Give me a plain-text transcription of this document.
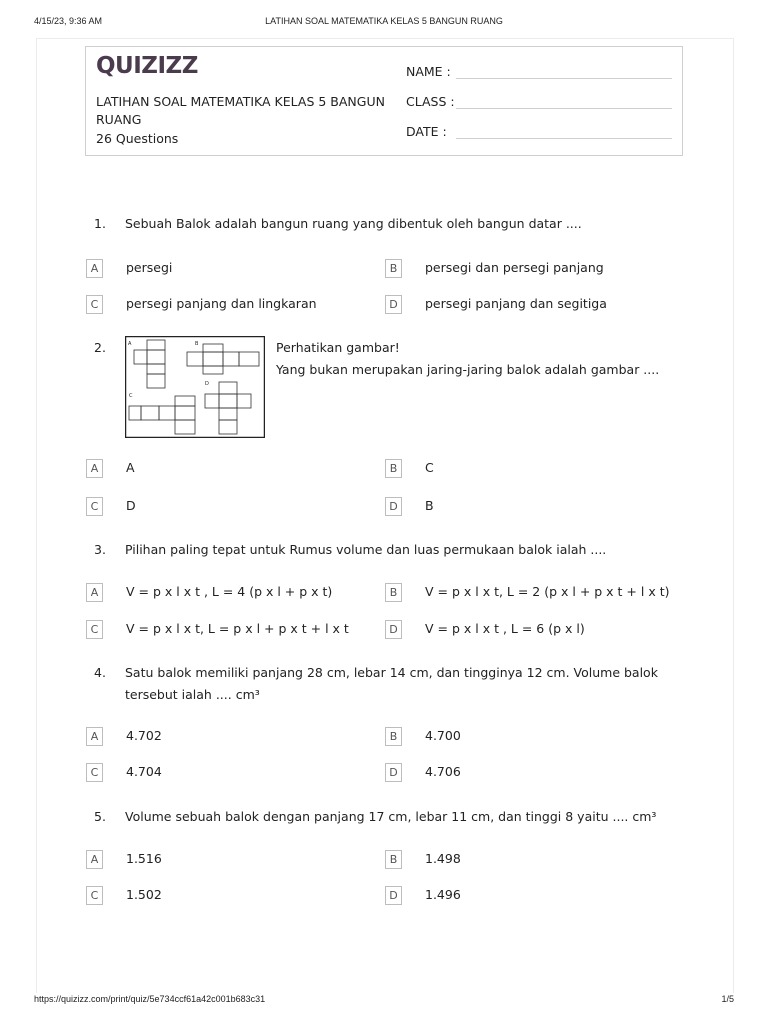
4/15/23, 9:36 AM	LATIHAN SOAL MATEMATIKA KELAS 5 BANGUN RUANG
QUIZIZZ
LATIHAN SOAL MATEMATIKA KELAS 5 BANGUN RUANG
26 Questions
NAME :
CLASS :
DATE :
1. Sebuah Balok adalah bangun ruang yang dibentuk oleh bangun datar ....
A	persegi	B	persegi dan persegi panjang
C	persegi panjang dan lingkaran	D	persegi panjang dan segitiga
2.	A	B
C
D
Perhatikan gambar!
Yang bukan merupakan jaring-jaring balok adalah gambar ....
A	A	B	C
C	D	D	B
3. Pilihan paling tepat untuk Rumus volume dan luas permukaan balok ialah ....
A	V = p x l x t , L = 4 (p x l + p x t)	B	V = p x l x t, L = 2 (p x l + p x t + l x t)
C	V = p x l x t, L = p x l + p x t + l x t	D	V = p x l x t , L = 6 (p x l)
4. Satu balok memiliki panjang 28 cm, lebar 14 cm, dan tingginya 12 cm. Volume balok
tersebut ialah .... cm³
A	4.702	B	4.700
C	4.704	D	4.706
5. Volume sebuah balok dengan panjang 17 cm, lebar 11 cm, dan tinggi 8 yaitu .... cm³
A	1.516	B	1.498
C	1.502	D	1.496
https://quizizz.com/print/quiz/5e734ccf61a42c001b683c31	1/5
